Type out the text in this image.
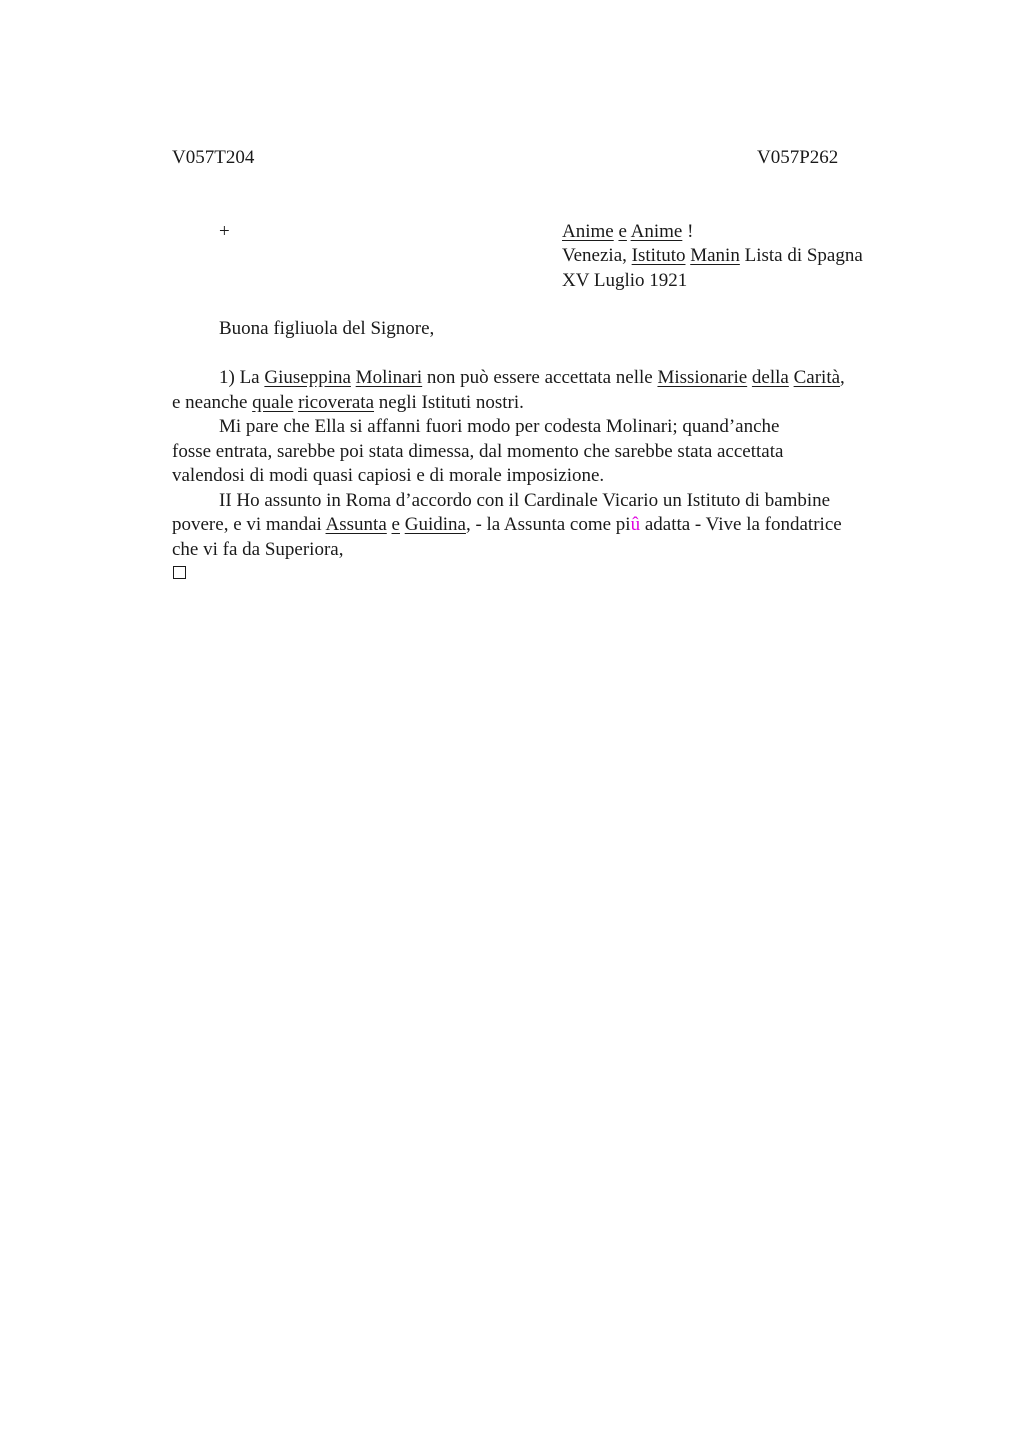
V057T204	V057P262
+	Anime e Anime !
Venezia, Istituto Manin Lista di Spagna
XV Luglio 1921
Buona figliuola del Signore,
1) La Giuseppina Molinari non può essere accettata nelle Missionarie della Carità,
e neanche quale ricoverata negli Istituti nostri.
Mi pare che Ella si affanni fuori modo per codesta Molinari; quand’anche
fosse entrata, sarebbe poi stata dimessa, dal momento che sarebbe stata accettata
valendosi di modi quasi capiosi e di morale imposizione.
II Ho assunto in Roma d’accordo con il Cardinale Vicario un Istituto di bambine
povere, e vi mandai Assunta e Guidina, - la Assunta come piû adatta - Vive la fondatrice
che vi fa da Superiora,
